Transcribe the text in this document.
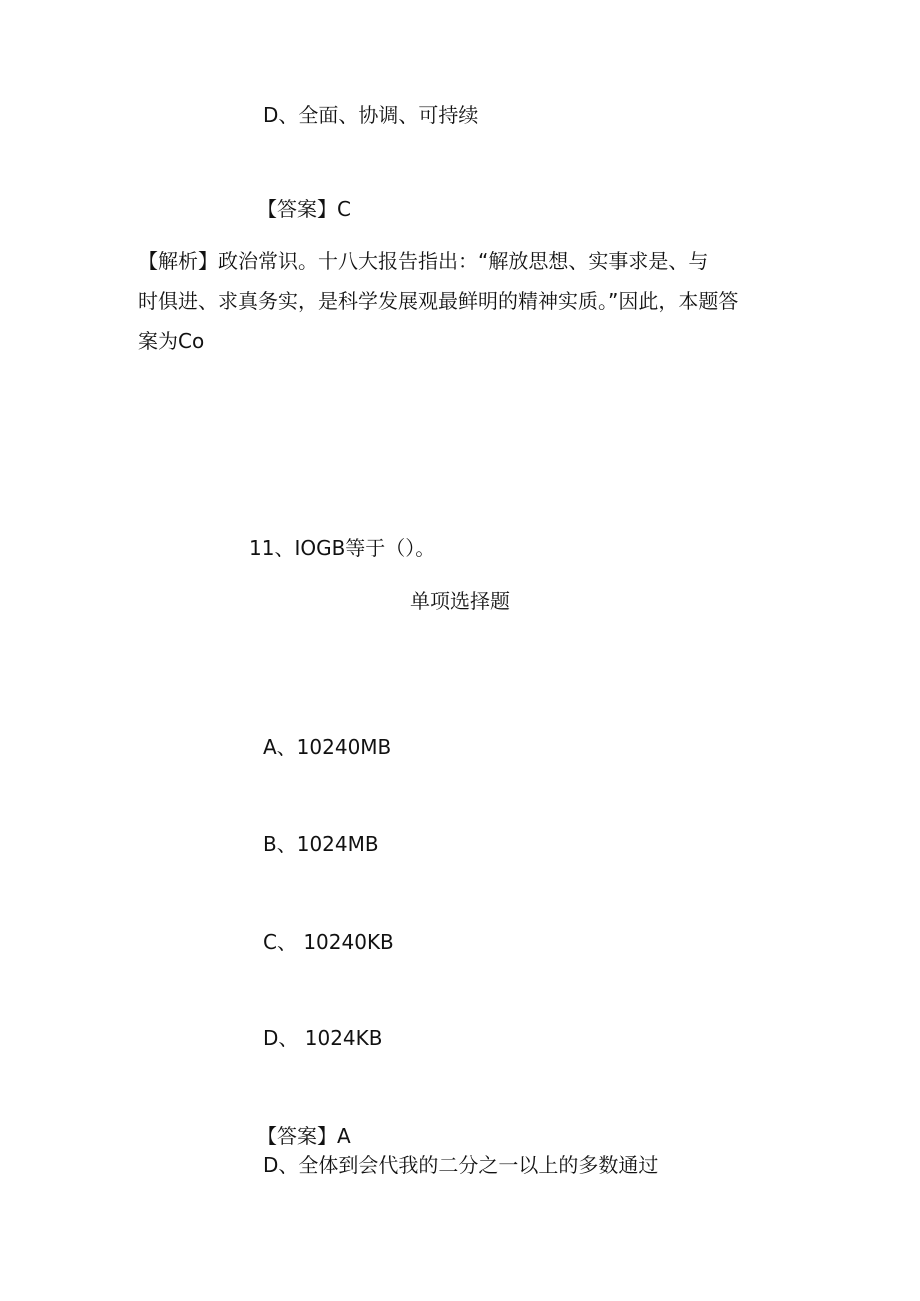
D、全面、协调、可持续
【答案】C
【解析】政治常识。十八大报告指出：“解放思想、实事求是、与
时俱进、求真务实，是科学发展观最鲜明的精神实质。”因此，本题答
案为Co
11、IOGB等于（）。
单项选择题
A、10240MB
B、1024MB
C、 10240KB
D、 1024KB
【答案】A
D、全体到会代我的二分之一以上的多数通过
